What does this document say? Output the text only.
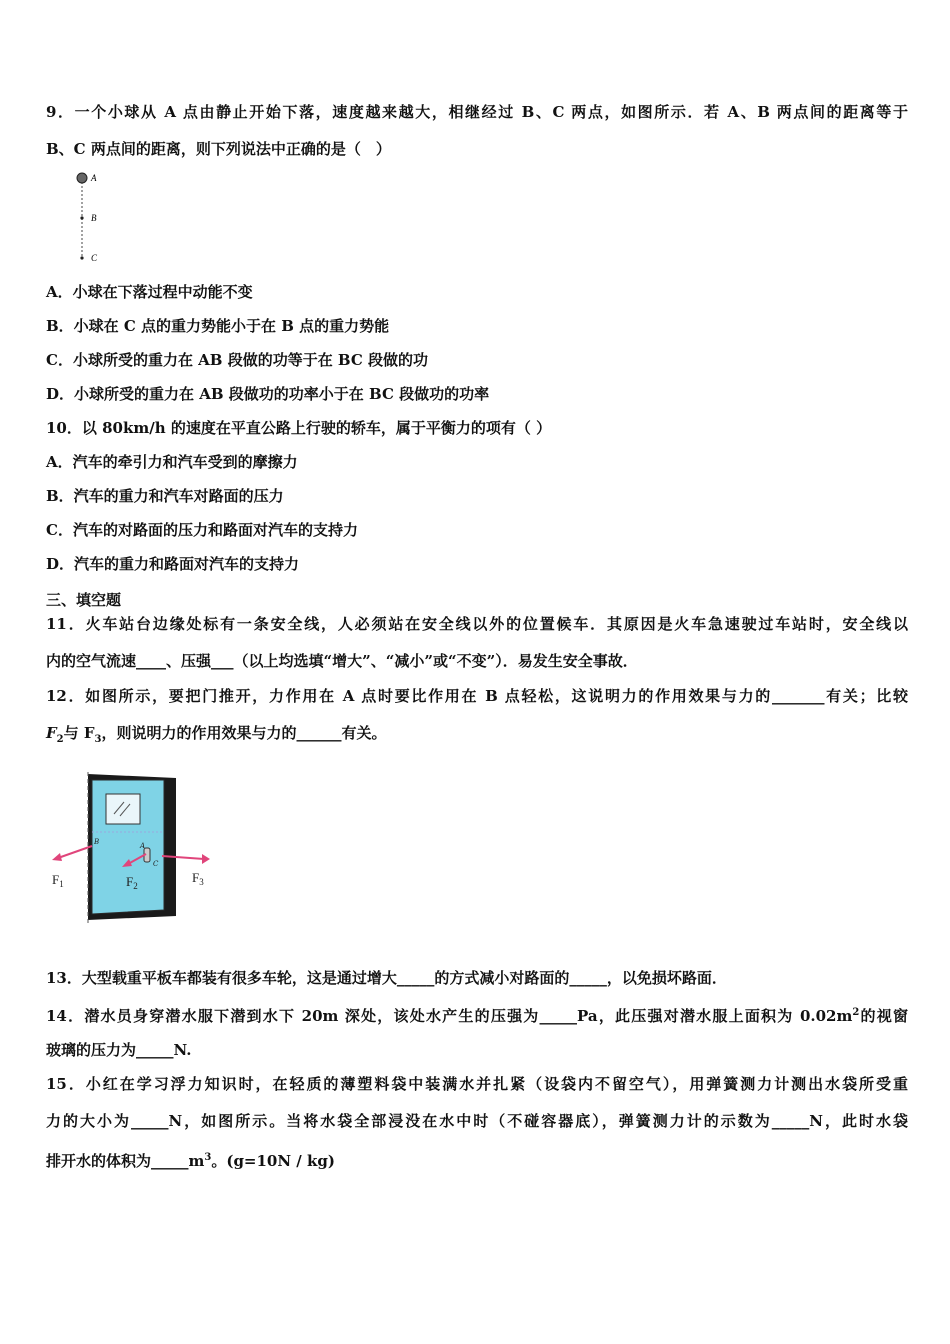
9．一个小球从 A 点由静止开始下落，速度越来越大，相继经过 B、C 两点，如图所示．若 A、B 两点间的距离等于
B、C 两点间的距离，则下列说法中正确的是（　）
A
B
C
A．小球在下落过程中动能不变
B．小球在 C 点的重力势能小于在 B 点的重力势能
C．小球所受的重力在 AB 段做的功等于在 BC 段做的功
D．小球所受的重力在 AB 段做功的功率小于在 BC 段做功的功率
10．以 80km/h 的速度在平直公路上行驶的轿车，属于平衡力的项有（ ）
A．汽车的牵引力和汽车受到的摩擦力
B．汽车的重力和汽车对路面的压力
C．汽车的对路面的压力和路面对汽车的支持力
D．汽车的重力和路面对汽车的支持力
三、填空题
11．火车站台边缘处标有一条安全线，人必须站在安全线以外的位置候车．其原因是火车急速驶过车站时，安全线以
内的空气流速____、压强___（以上均选填“增大”、“减小”或“不变”）．易发生安全事故．
12．如图所示，要把门推开，力作用在 A 点时要比作用在 B 点轻松，这说明力的作用效果与力的_______有关；比较
$F_2$与 $F_3$，则说明力的作用效果与力的______有关。
B	A
C
$F_1$	$F_2$
$F_3$
13．大型载重平板车都装有很多车轮，这是通过增大_____的方式减小对路面的_____，以免损坏路面．
14．潜水员身穿潜水服下潜到水下 20m 深处，该处水产生的压强为_____Pa，此压强对潜水服上面积为 $0.02m^2$的视窗
玻璃的压力为_____N.
15．小红在学习浮力知识时，在轻质的薄塑料袋中装满水并扎紧（设袋内不留空气），用弹簧测力计测出水袋所受重
力的大小为_____N，如图所示。当将水袋全部浸没在水中时（不碰容器底），弹簧测力计的示数为_____N，此时水袋
排开水的体积为$\_\_\_\_\_m^3$。(g=10N / kg)
